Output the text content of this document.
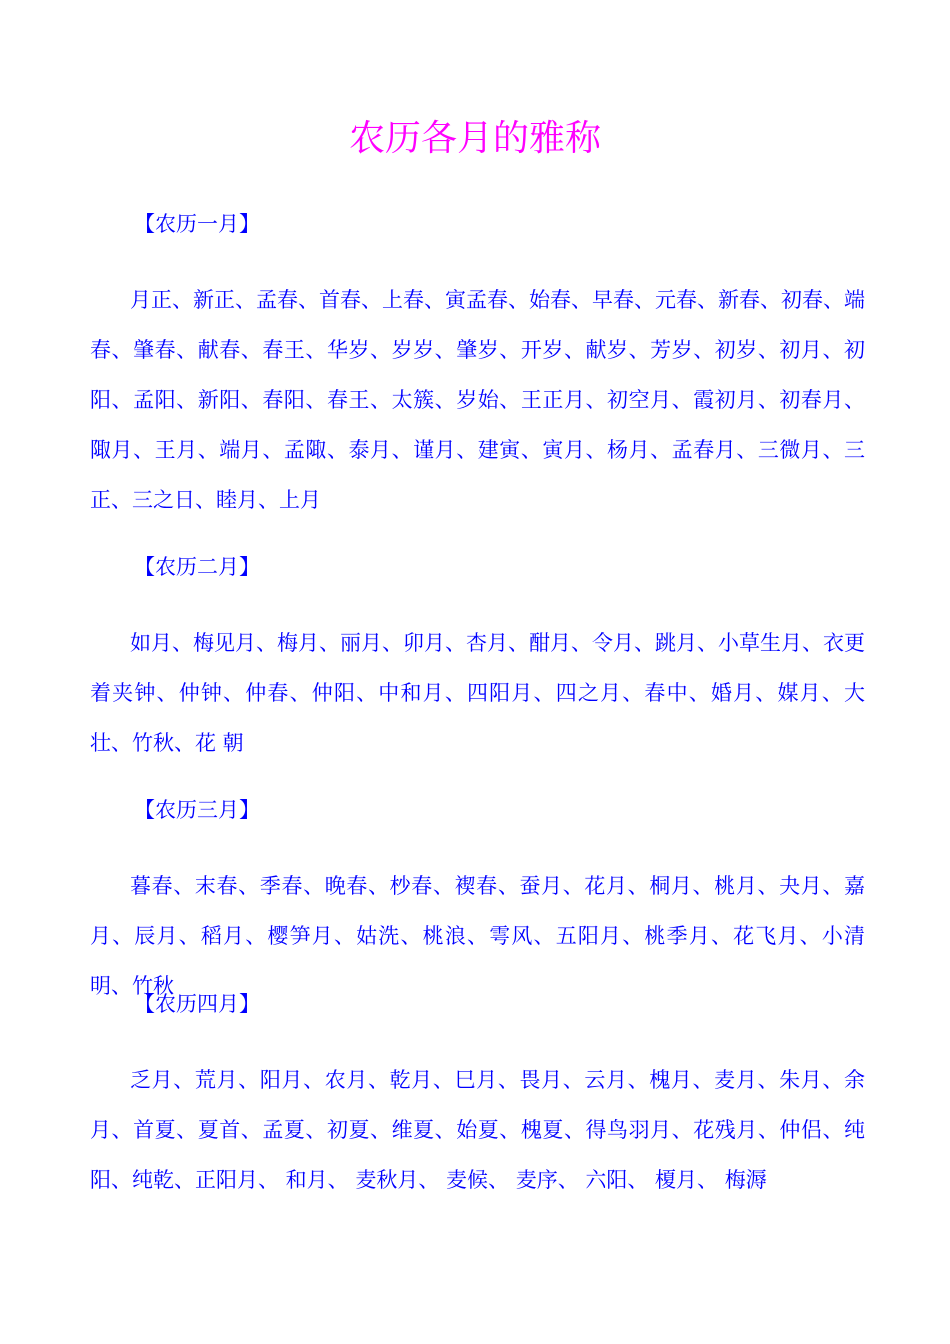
农历各月的雅称
【农历一月】

月正、新正、孟春、首春、上春、寅孟春、始春、早春、元春、新春、初春、端春、肇春、献春、春王、华岁、岁岁、肇岁、开岁、献岁、芳岁、初岁、初月、初阳、孟阳、新阳、春阳、春王、太簇、岁始、王正月、初空月、霞初月、初春月、陬月、王月、端月、孟陬、泰月、谨月、建寅、寅月、杨月、孟春月、三微月、三正、三之日、睦月、上月

【农历二月】

如月、梅见月、梅月、丽月、卯月、杏月、酣月、令月、跳月、小草生月、衣更着夹钟、仲钟、仲春、仲阳、中和月、四阳月、四之月、春中、婚月、媒月、大壮、竹秋、花 朝

【农历三月】

暮春、末春、季春、晚春、杪春、褉春、蚕月、花月、桐月、桃月、夬月、嘉月、辰月、稻月、樱笋月、姑洗、桃浪、雩风、五阳月、桃季月、花飞月、小清明、竹秋

【农历四月】

乏月、荒月、阳月、农月、乾月、巳月、畏月、云月、槐月、麦月、朱月、余月、首夏、夏首、孟夏、初夏、维夏、始夏、槐夏、得鸟羽月、花残月、仲侣、纯阳、纯乾、正阳月、 和月、 麦秋月、 麦候、 麦序、 六阳、 榎月、 梅溽
